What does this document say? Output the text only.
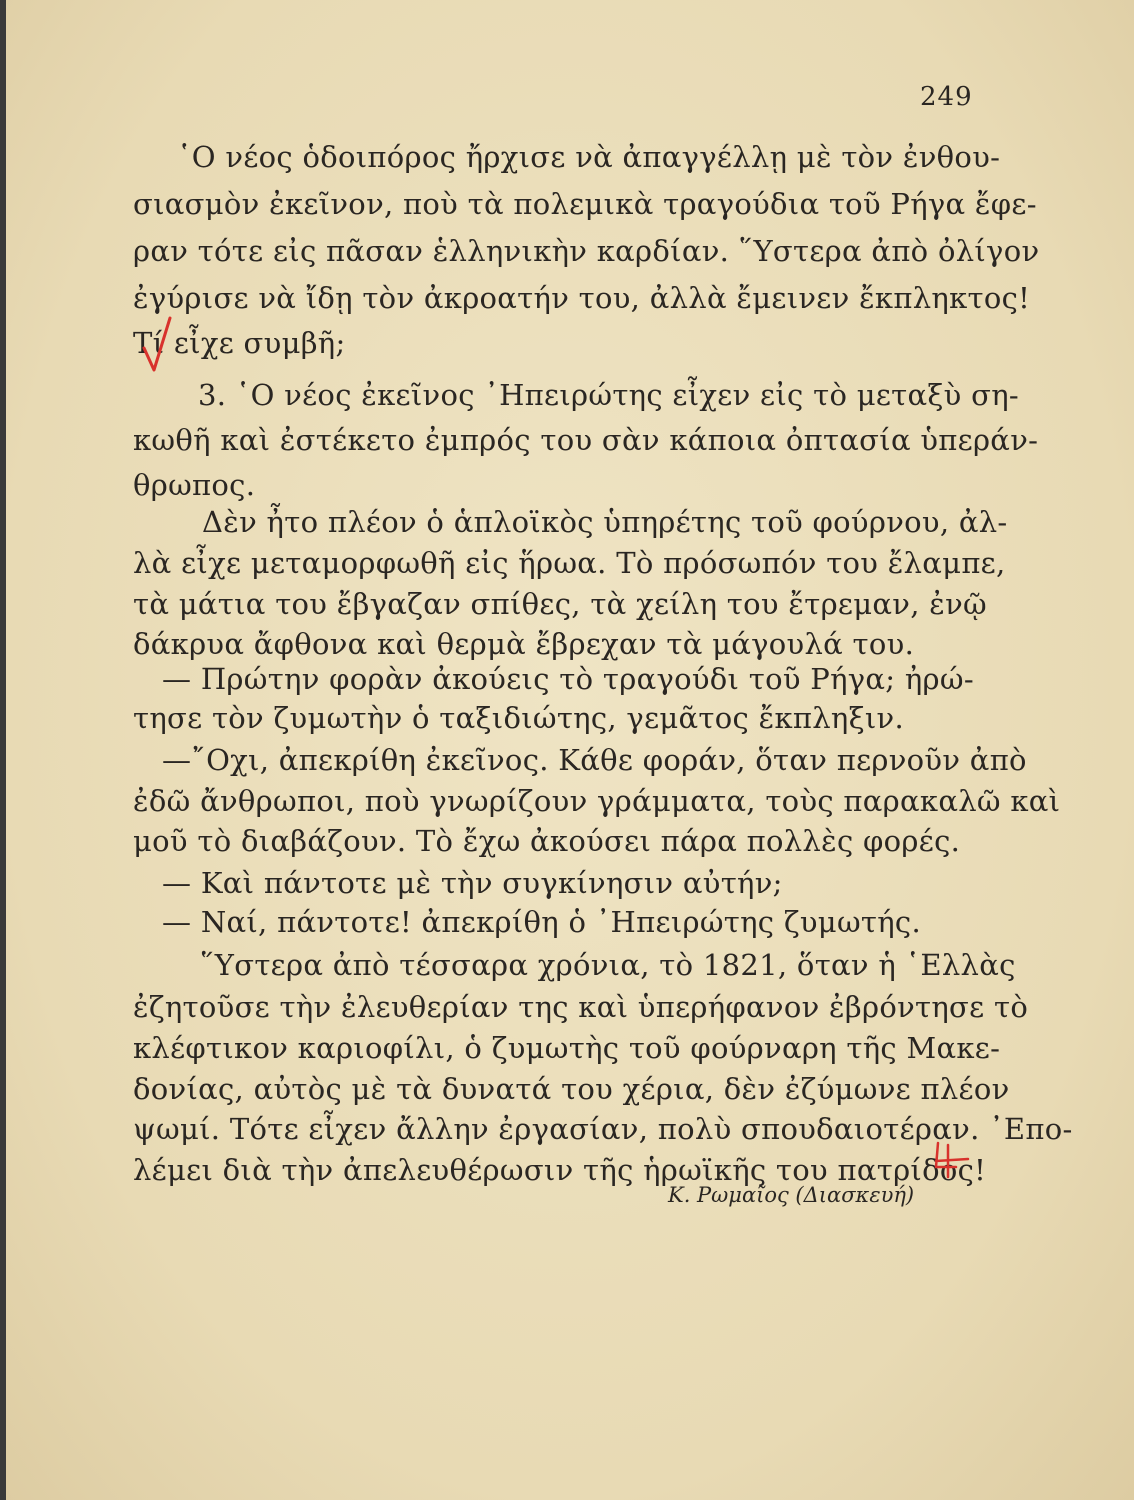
249
῾Ο νέος ὁδοιπόρος ἤρχισε νὰ ἀπαγγέλλῃ μὲ τὸν ἐνθου-
σιασμὸν ἐκεῖνον, ποὺ τὰ πολεμικὰ τραγούδια τοῦ Ρήγα ἔφε-
ραν τότε εἰς πᾶσαν ἑλληνικὴν καρδίαν. ῞Υστερα ἀπὸ ὀλίγον
ἐγύρισε νὰ ἴδῃ τὸν ἀκροατήν του, ἀλλὰ ἔμεινεν ἔκπληκτος!
Τί εἶχε συμβῆ;
3. ῾Ο νέος ἐκεῖνος ᾿Ηπειρώτης εἶχεν εἰς τὸ μεταξὺ ση-
κωθῆ καὶ ἐστέκετο ἐμπρός του σὰν κάποια ὀπτασία ὑπεράν-
θρωπος.
Δὲν ἦτο πλέον ὁ ἁπλοϊκὸς ὑπηρέτης τοῦ φούρνου, ἀλ-
λὰ εἶχε μεταμορφωθῆ εἰς ἥρωα. Τὸ πρόσωπόν του ἔλαμπε,
τὰ μάτια του ἔβγαζαν σπίθες, τὰ χείλη του ἔτρεμαν, ἐνῷ
δάκρυα ἄφθονα καὶ θερμὰ ἔβρεχαν τὰ μάγουλά του.
— Πρώτην φορὰν ἀκούεις τὸ τραγούδι τοῦ Ρήγα; ἠρώ-
τησε τὸν ζυμωτὴν ὁ ταξιδιώτης, γεμᾶτος ἔκπληξιν.
—῎Οχι, ἀπεκρίθη ἐκεῖνος. Κάθε φοράν, ὅταν περνοῦν ἀπὸ
ἐδῶ ἄνθρωποι, ποὺ γνωρίζουν γράμματα, τοὺς παρακαλῶ καὶ
μοῦ τὸ διαβάζουν. Τὸ ἔχω ἀκούσει πάρα πολλὲς φορές.
— Καὶ πάντοτε μὲ τὴν συγκίνησιν αὐτήν;
— Ναί, πάντοτε! ἀπεκρίθη ὁ ᾿Ηπειρώτης ζυμωτής.
῞Υστερα ἀπὸ τέσσαρα χρόνια, τὸ 1821, ὅταν ἡ ῾Ελλὰς
ἐζητοῦσε τὴν ἐλευθερίαν της καὶ ὑπερήφανον ἐβρόντησε τὸ
κλέφτικον καριοφίλι, ὁ ζυμωτὴς τοῦ φούρναρη τῆς Μακε-
δονίας, αὐτὸς μὲ τὰ δυνατά του χέρια, δὲν ἐζύμωνε πλέον
ψωμί. Τότε εἶχεν ἄλλην ἐργασίαν, πολὺ σπουδαιοτέραν. ᾿Επο-
λέμει διὰ τὴν ἀπελευθέρωσιν τῆς ἡρωϊκῆς του πατρίδος!
Κ. Ρωμαῖος (Διασκευή)
